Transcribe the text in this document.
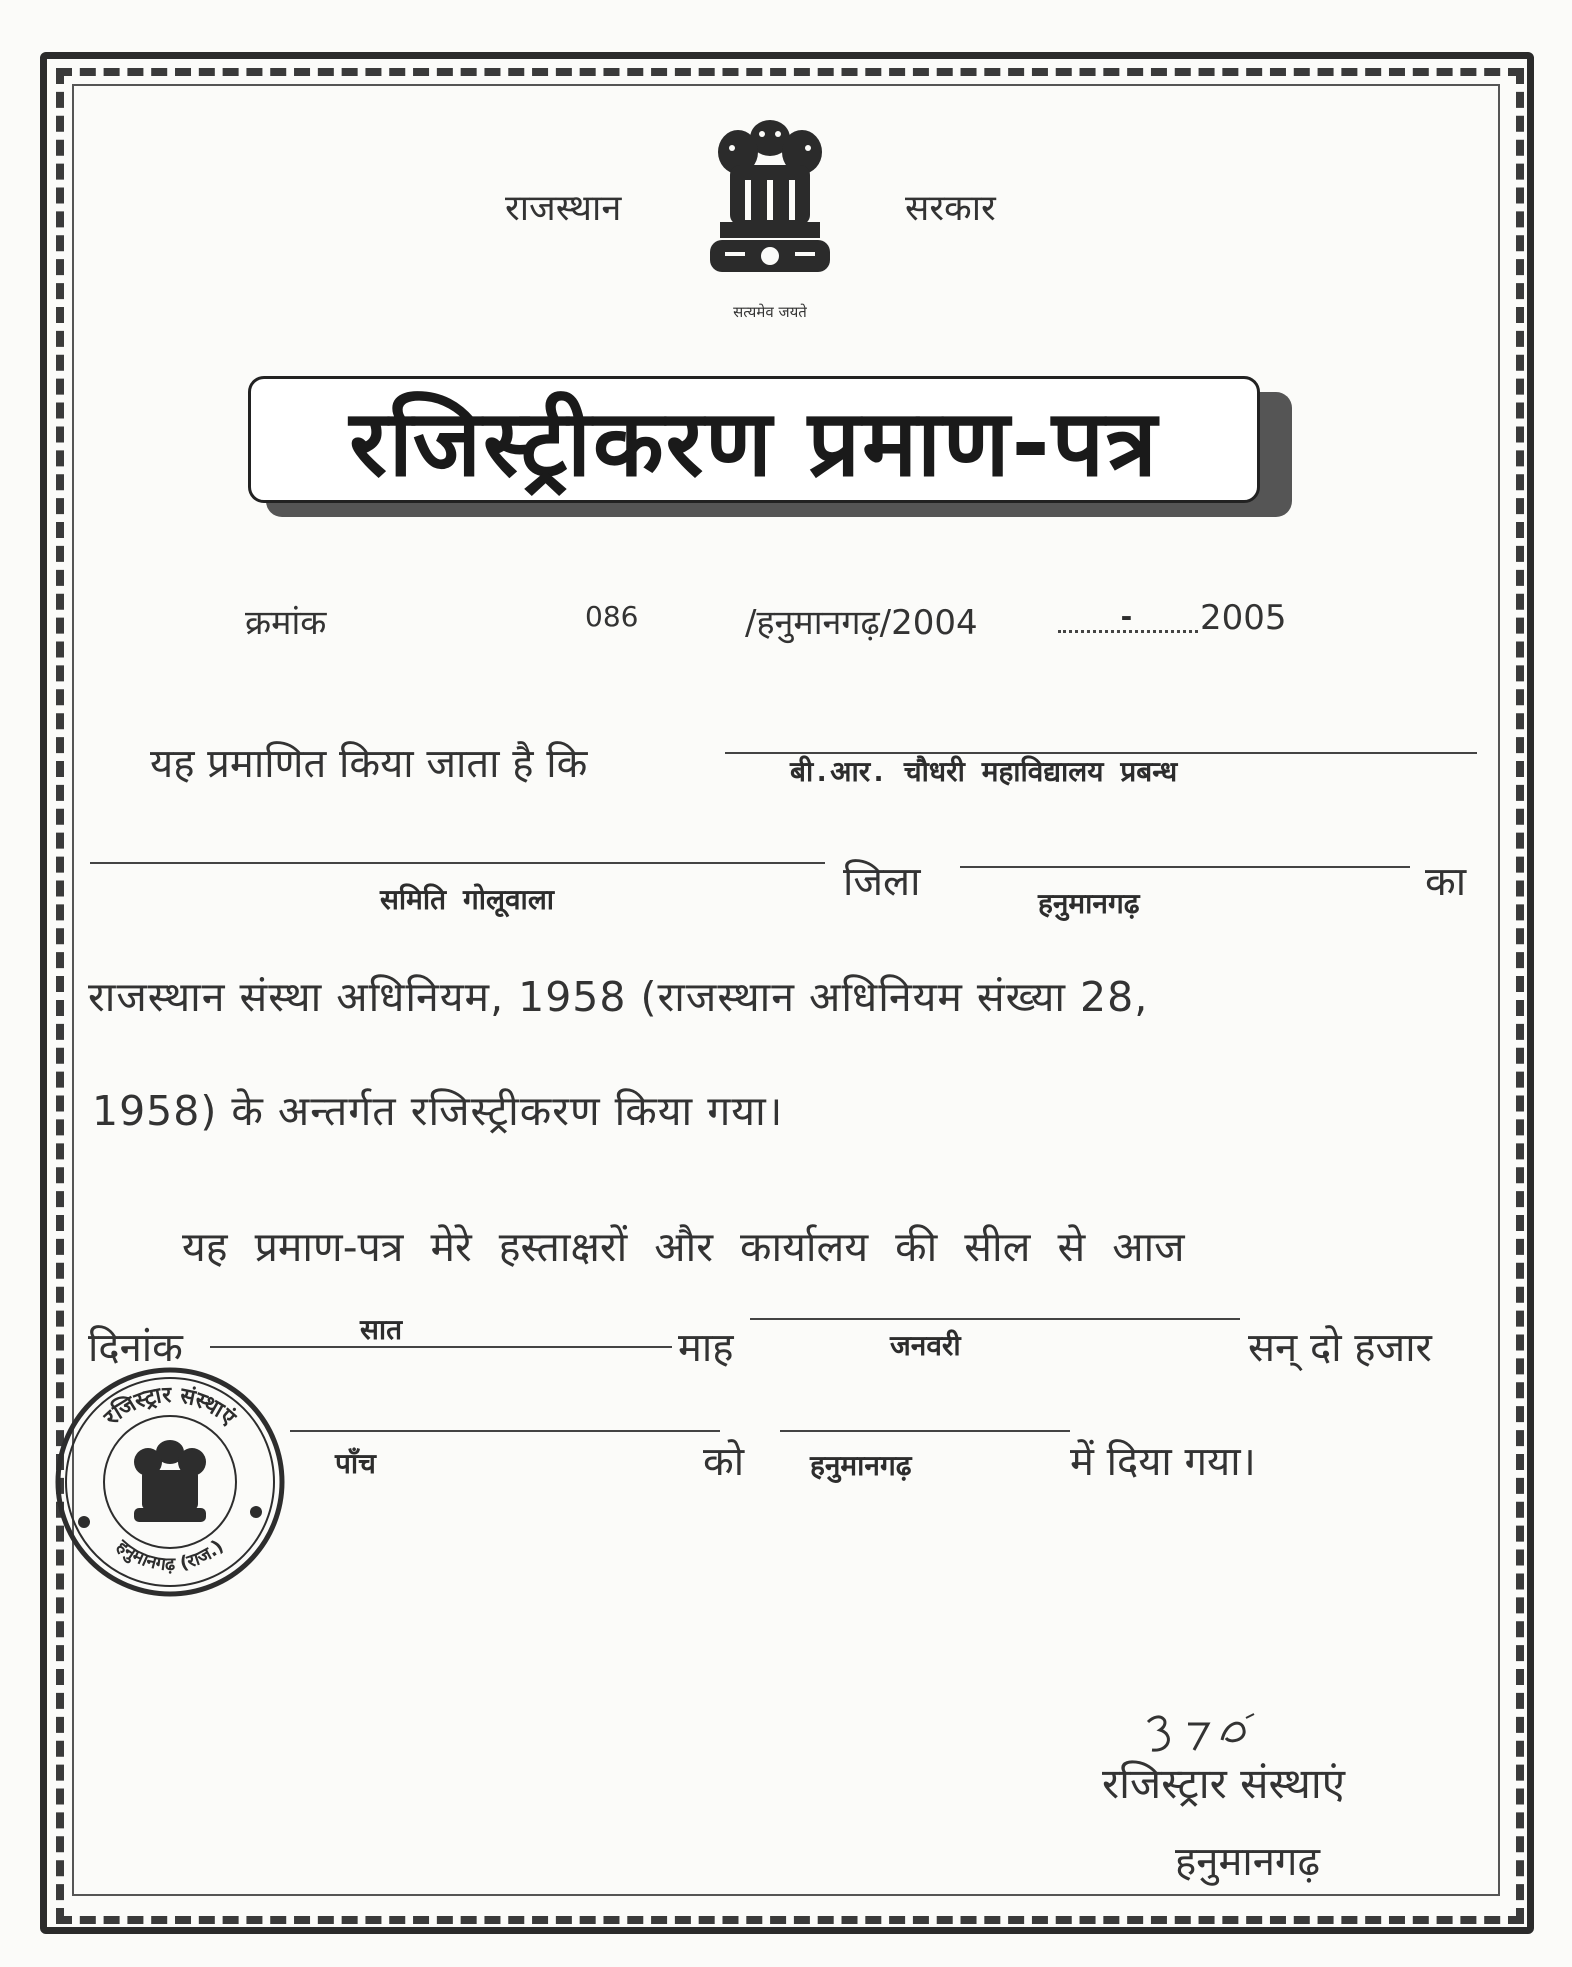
राजस्थान	सरकार
सत्यमेव जयते
रजिस्ट्रीकरण प्रमाण-पत्र
क्रमांक	086	/हनुमानगढ़/2004	- 2005
यह प्रमाणित किया जाता है कि	बी.आर. चौधरी महाविद्यालय प्रबन्ध
समिति गोलूवाला	जिला	हनुमानगढ़	का
राजस्थान संस्था अधिनियम, 1958 (राजस्थान अधिनियम संख्या 28,
1958) के अन्तर्गत रजिस्ट्रीकरण किया गया।
यह प्रमाण-पत्र मेरे हस्ताक्षरों और कार्यालय की सील से आज
दिनांक	सात	माह	जनवरी	सन् दो हजार
पाँच	को हनुमानगढ़	में दिया गया।
रजिस्ट्रार संस्थाएं
हनुमानगढ़ (राज.)
रजिस्ट्रार संस्थाएं
हनुमानगढ़
